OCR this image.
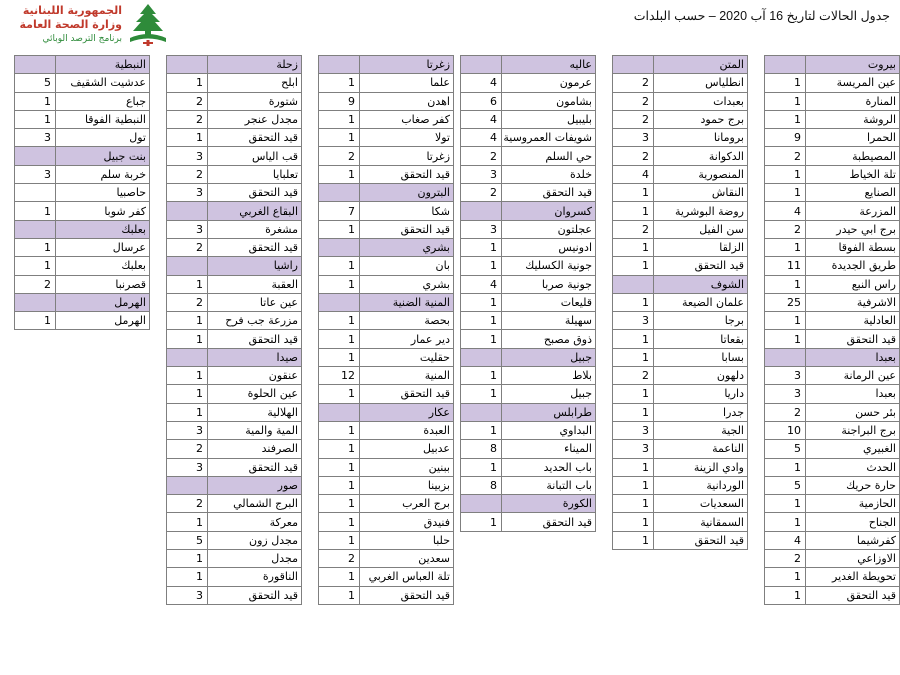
جدول الحالات لتاريخ 16 آب 2020 – حسب البلدات
الجمهورية اللبنانية
وزارة الصحة العامة
برنامج الترصد الوبائي
	بيروت
1	عين المريسة
1	المنارة
1	الروشة
9	الحمرا
2	المصيطبة
1	تلة الخياط
1	الصنايع
4	المزرعة
2	برج ابي حيدر
1	بسطة الفوقا
11	طريق الجديدة
1	راس النبع
25	الاشرفية
1	العادلية
1	قيد التحقق
	بعبدا
3	عين الرمانة
3	بعبدا
2	بئر حسن
10	برج البراجنة
5	الغبيري
1	الحدث
5	حارة حريك
1	الحازمية
1	الجناح
4	كفرشيما
2	الاوزاعي
1	تحويطة الغدير
1	قيد التحقق
	المتن
2	انطلياس
2	بعبدات
2	برج حمود
3	برومانا
2	الدكوانة
4	المنصورية
1	النقاش
1	روضة البوشرية
2	سن الفيل
1	الزلقا
1	قيد التحقق
	الشوف
1	علمان الضيعة
3	برجا
1	بقعاتا
1	بسابا
2	دلهون
1	داريا
1	جدرا
3	الجية
3	الناعمة
1	وادي الزينة
1	الوردانية
1	السعديات
1	السمقانية
1	قيد التحقق
	عاليه
4	عرمون
6	بشامون
4	بليبيل
4	شويفات العمروسية
2	حي السلم
3	خلدة
2	قيد التحقق
	كسروان
3	عجلتون
1	ادونيس
1	جونية الكسليك
4	جونية صربا
1	قليعات
1	سهيلة
1	ذوق مصبح
	جبيل
1	بلاط
1	جبيل
	طرابلس
1	البداوي
8	الميناء
1	باب الحديد
8	باب التبانة
	الكورة
1	قيد التحقق
	زغرتا
1	علما
9	اهدن
1	كفر صغاب
1	تولا
2	زغرتا
1	قيد التحقق
	البترون
7	شكا
1	قيد التحقق
	بشري
1	بان
1	بشري
	المنية الضنية
1	بحصة
1	دير عمار
1	حقليت
12	المنية
1	قيد التحقق
	عكار
1	العبدة
1	عدبيل
1	ببنين
1	بزبينا
1	برج العرب
1	فنيدق
1	حلبا
2	سعدين
1	تلة العباس الغربي
1	قيد التحقق
	زحلة
1	ابلح
2	شتورة
2	مجدل عنجر
1	قيد التحقق
3	قب الياس
2	تعلبايا
3	قيد التحقق
	البقاع الغربي
3	مشغرة
2	قيد التحقق
	راشيا
1	العقبة
2	عين عاتا
1	مزرعة جب فرح
1	قيد التحقق
	صيدا
1	عنقون
1	عين الحلوة
1	الهلالية
3	المية والمية
2	الصرفند
3	قيد التحقق
	صور
2	البرج الشمالي
1	معركة
5	مجدل زون
1	مجدل
1	الناقورة
3	قيد التحقق
	النبطية
5	عدشيت الشقيف
1	جباع
1	النبطية الفوقا
3	تول
	بنت جبيل
3	خربة سلم
	حاصبيا
1	كفر شوبا
	بعلبك
1	عرسال
1	بعلبك
2	قصرنبا
	الهرمل
1	الهرمل
